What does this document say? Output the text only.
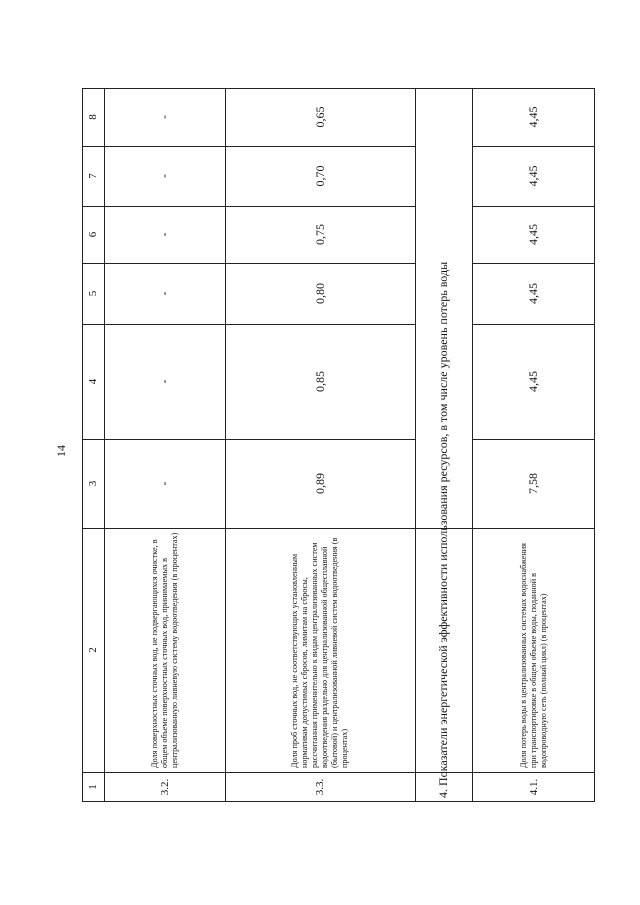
14
1
2
3
4
5
6
7
8
3.2.
Доля поверхностных сточных вод, не подвергающихся очистке, в общем объеме поверхностных сточных вод, принимаемых в централизованную ливневую систему водоотведения (в процентах)
-
-
-
-
-
-
3.3.
Доля проб сточных вод, не соответствующих установленным нормативам допустимых сбросов, лимитам на сбросы, рассчитанная применительно к видам централизованных систем водоотведения раздельно для централизованной общесплавной (бытовой) и централизованной ливневой систем водоотведения (в процентах)
0,89
0,85
0,80
0,75
0,70
0,65
4. Показатели энергетической эффективности использования ресурсов, в том числе уровень потерь воды	4.1.
Доля потерь воды в централизованных системах водоснабжения при транспортировке в общем объеме воды, поданной в водопроводную сеть (полный цикл) (в процентах)
7,58
4,45
4,45
4,45
4,45
4,45
